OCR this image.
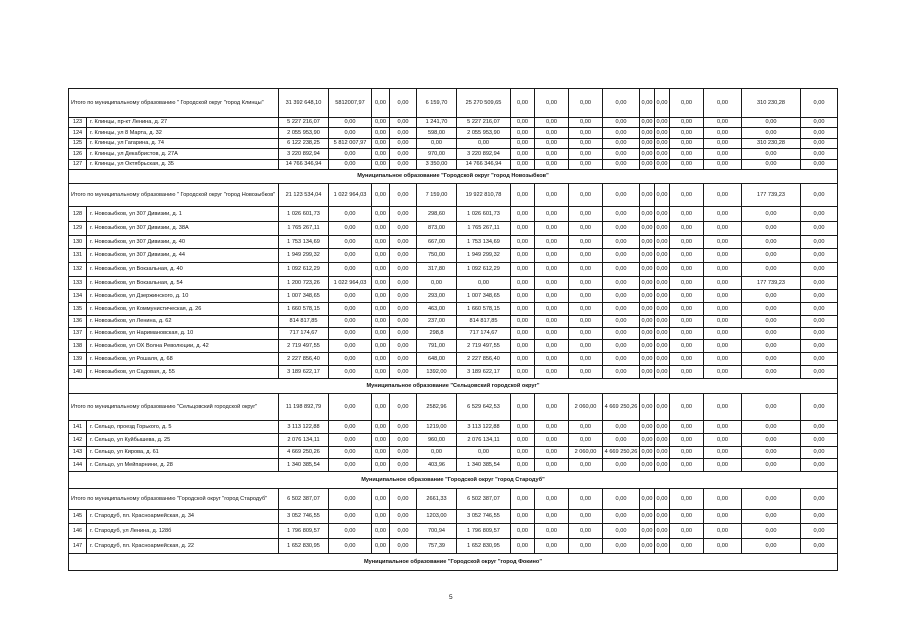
Итого по муниципальному образованию " Городской округ "город Клинцы"		31 392 648,10	5812007,97	0,00	0,00	6 159,70	25 270 509,65	0,00	0,00	0,00	0,00	0,00	0,00	0,00	0,00	310 230,28	0,00
123	г. Клинцы, пр-кт Ленина, д. 27	5 227 216,07	0,00	0,00	0,00	1 241,70	5 227 216,07	0,00	0,00	0,00	0,00	0,00	0,00	0,00	0,00	0,00	0,00
124	г. Клинцы, ул 8 Марта, д. 32	2 055 953,90	0,00	0,00	0,00	598,00	2 055 953,90	0,00	0,00	0,00	0,00	0,00	0,00	0,00	0,00	0,00	0,00
125	г. Клинцы, ул Гагарина, д. 74	6 122 238,25	5 812 007,97	0,00	0,00	0,00	0,00	0,00	0,00	0,00	0,00	0,00	0,00	0,00	0,00	310 230,28	0,00
126	г. Клинцы, ул Декабристов, д. 27А	3 220 892,94	0,00	0,00	0,00	970,00	3 220 892,94	0,00	0,00	0,00	0,00	0,00	0,00	0,00	0,00	0,00	0,00
127	г. Клинцы, ул Октябрьская, д. 35	14 766 346,94	0,00	0,00	0,00	3 350,00	14 766 346,94	0,00	0,00	0,00	0,00	0,00	0,00	0,00	0,00	0,00	0,00
Муниципальное образование "Городской округ "город Новозыбков"																	
Итого по муниципальному образованию " Городской округ "город Новозыбков"		21 123 534,04	1 022 964,03	0,00	0,00	7 159,00	19 922 810,78	0,00	0,00	0,00	0,00	0,00	0,00	0,00	0,00	177 739,23	0,00
128	г. Новозыбков, ул 307 Дивизии, д. 1	1 026 601,73	0,00	0,00	0,00	298,60	1 026 601,73	0,00	0,00	0,00	0,00	0,00	0,00	0,00	0,00	0,00	0,00
129	г. Новозыбков, ул 307 Дивизии, д. 38А	1 765 267,11	0,00	0,00	0,00	873,00	1 765 267,11	0,00	0,00	0,00	0,00	0,00	0,00	0,00	0,00	0,00	0,00
130	г. Новозыбков, ул 307 Дивизии, д. 40	1 753 134,69	0,00	0,00	0,00	667,00	1 753 134,69	0,00	0,00	0,00	0,00	0,00	0,00	0,00	0,00	0,00	0,00
131	г. Новозыбков, ул 307 Дивизии, д. 44	1 949 299,32	0,00	0,00	0,00	750,00	1 949 299,32	0,00	0,00	0,00	0,00	0,00	0,00	0,00	0,00	0,00	0,00
132	г. Новозыбков, ул Вокзальная, д. 40	1 092 612,29	0,00	0,00	0,00	317,80	1 092 612,29	0,00	0,00	0,00	0,00	0,00	0,00	0,00	0,00	0,00	0,00
133	г. Новозыбков, ул Вокзальная, д. 54	1 200 723,26	1 022 964,03	0,00	0,00	0,00	0,00	0,00	0,00	0,00	0,00	0,00	0,00	0,00	0,00	177 739,23	0,00
134	г. Новозыбков, ул Дзержинского, д. 10	1 007 348,65	0,00	0,00	0,00	293,00	1 007 348,65	0,00	0,00	0,00	0,00	0,00	0,00	0,00	0,00	0,00	0,00
135	г. Новозыбков, ул Коммунистическая, д. 26	1 660 578,15	0,00	0,00	0,00	463,00	1 660 578,15	0,00	0,00	0,00	0,00	0,00	0,00	0,00	0,00	0,00	0,00
136	г. Новозыбков, ул Ленина, д. 62	814 817,85	0,00	0,00	0,00	237,00	814 817,85	0,00	0,00	0,00	0,00	0,00	0,00	0,00	0,00	0,00	0,00
137	г. Новозыбков, ул Наримановская, д. 10	717 174,67	0,00	0,00	0,00	298,8	717 174,67	0,00	0,00	0,00	0,00	0,00	0,00	0,00	0,00	0,00	0,00
138	г. Новозыбков, ул ОХ Волна Революции, д. 42	2 719 497,55	0,00	0,00	0,00	791,00	2 719 497,55	0,00	0,00	0,00	0,00	0,00	0,00	0,00	0,00	0,00	0,00
139	г. Новозыбков, ул Рошаля, д. 68	2 227 856,40	0,00	0,00	0,00	648,00	2 227 856,40	0,00	0,00	0,00	0,00	0,00	0,00	0,00	0,00	0,00	0,00
140	г. Новозыбков, ул Садовая, д. 55	3 189 622,17	0,00	0,00	0,00	1392,00	3 189 622,17	0,00	0,00	0,00	0,00	0,00	0,00	0,00	0,00	0,00	0,00
Муниципальное образование "Сельцовский городской округ"																	
Итого по муниципальному образованию "Сельцовский городской округ"		11 198 892,79	0,00	0,00	0,00	2582,96	6 529 642,53	0,00	0,00	2 060,00	4 669 250,26	0,00	0,00	0,00	0,00	0,00	0,00
141	г. Сельцо, проезд Горького, д. 5	3 113 122,88	0,00	0,00	0,00	1219,00	3 113 122,88	0,00	0,00	0,00	0,00	0,00	0,00	0,00	0,00	0,00	0,00
142	г. Сельцо, ул Куйбышева, д. 25	2 076 134,11	0,00	0,00	0,00	960,00	2 076 134,11	0,00	0,00	0,00	0,00	0,00	0,00	0,00	0,00	0,00	0,00
143	г. Сельцо, ул Кирова, д. 61	4 669 250,26	0,00	0,00	0,00	0,00	0,00	0,00	0,00	2 060,00	4 669 250,26	0,00	0,00	0,00	0,00	0,00	0,00
144	г. Сельцо, ул Мейпарнини, д. 28	1 340 385,54	0,00	0,00	0,00	403,96	1 340 385,54	0,00	0,00	0,00	0,00	0,00	0,00	0,00	0,00	0,00	0,00
Муниципальное образование "Городской округ "город Стародуб"																	
Итого по муниципальному образованию "Городской округ "город Стародуб"		6 502 387,07	0,00	0,00	0,00	2661,33	6 502 387,07	0,00	0,00	0,00	0,00	0,00	0,00	0,00	0,00	0,00	0,00
145	г. Стародуб, пл. Красноармейская, д. 34	3 052 746,55	0,00	0,00	0,00	1203,00	3 052 746,55	0,00	0,00	0,00	0,00	0,00	0,00	0,00	0,00	0,00	0,00
146	г. Стародуб, ул Ленина, д. 128б	1 796 809,57	0,00	0,00	0,00	700,94	1 796 809,57	0,00	0,00	0,00	0,00	0,00	0,00	0,00	0,00	0,00	0,00
147	г. Стародуб, пл. Красноармейская, д. 22	1 652 830,95	0,00	0,00	0,00	757,39	1 652 830,95	0,00	0,00	0,00	0,00	0,00	0,00	0,00	0,00	0,00	0,00
Муниципальное образование "Городской округ "город Фокино"																	
5
